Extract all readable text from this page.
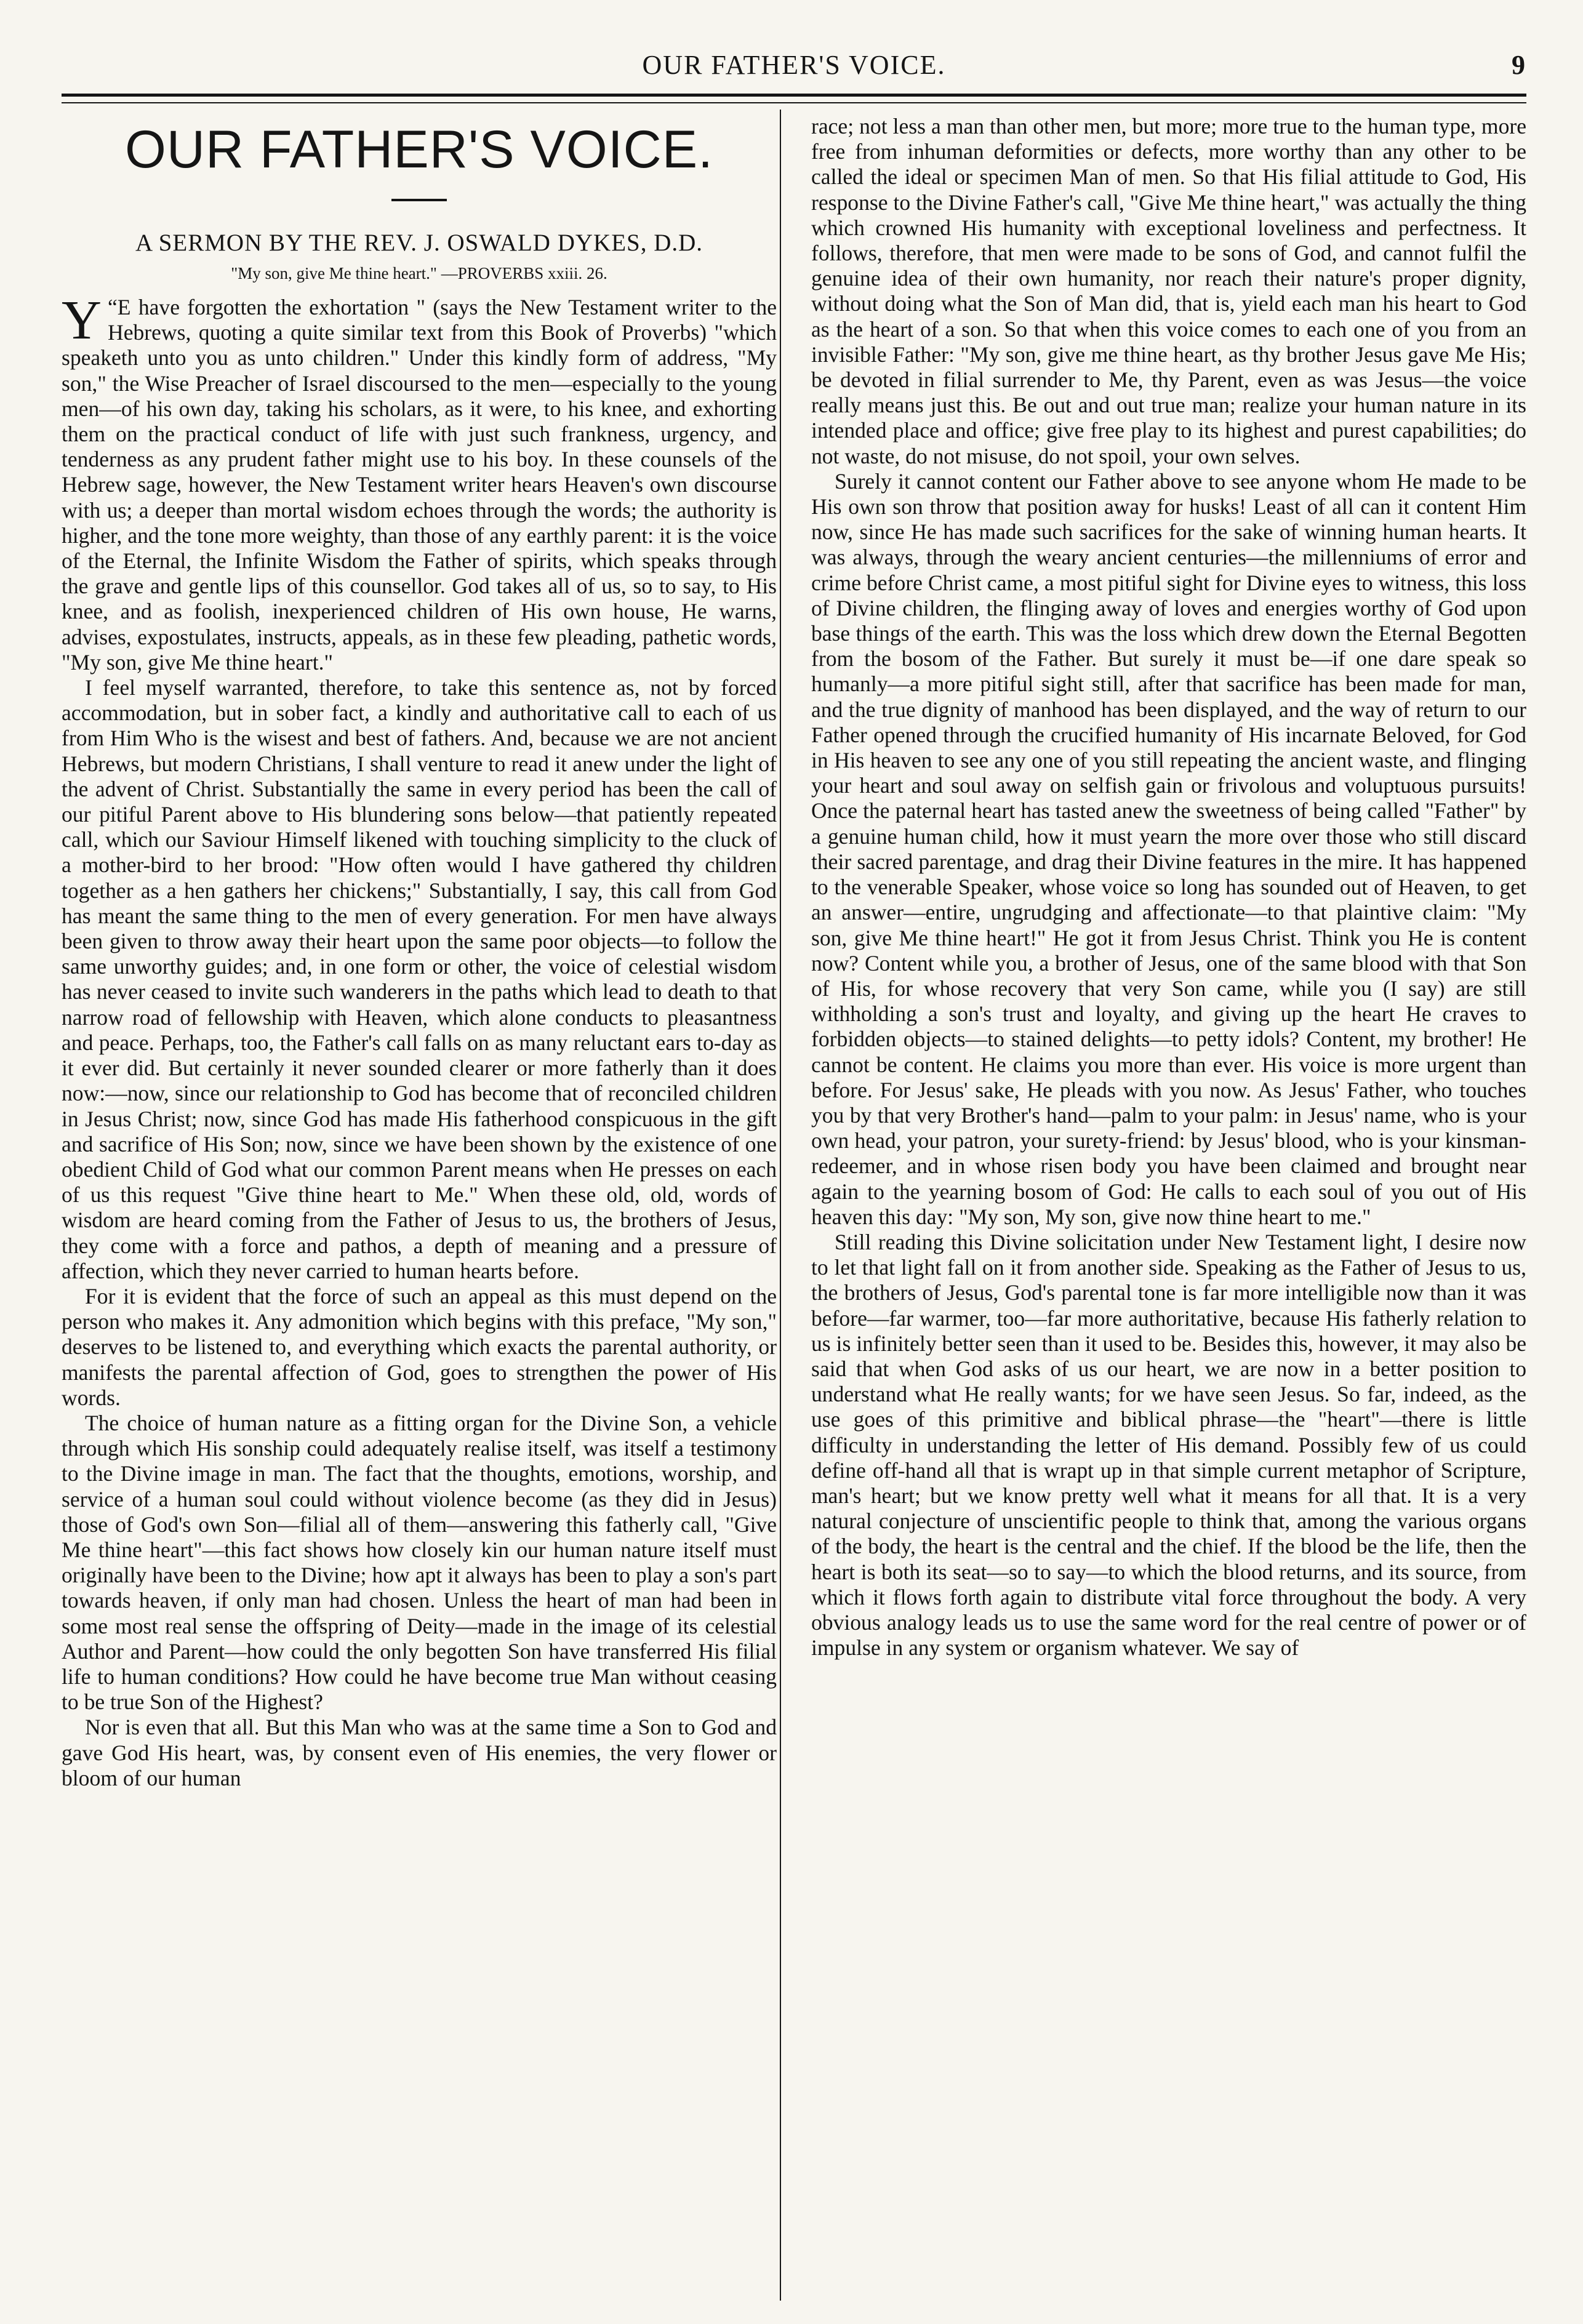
OUR FATHER'S VOICE.	9
OUR FATHER'S VOICE.
A SERMON BY THE REV. J. OSWALD DYKES, D.D.
"My son, give Me thine heart." —PROVERBS xxiii. 26.

“
Y E have forgotten the exhortation " (says the New Testament writer to the Hebrews, quoting a quite similar text from this Book of Proverbs) "which speaketh unto you as unto children." Under this kindly form of address, "My son," the Wise Preacher of Israel discoursed to the men—especially to the young men—of his own day, taking his scholars, as it were, to his knee, and exhorting them on the practical conduct of life with just such frankness, urgency, and tenderness as any prudent father might use to his boy. In these counsels of the Hebrew sage, however, the New Testament writer hears Heaven's own discourse with us; a deeper than mortal wisdom echoes through the words; the authority is higher, and the tone more weighty, than those of any earthly parent: it is the voice of the Eternal, the Infinite Wisdom the Father of spirits, which speaks through the grave and gentle lips of this counsellor. God takes all of us, so to say, to His knee, and as foolish, inexperienced children of His own house, He warns, advises, expostulates, instructs, appeals, as in these few pleading, pathetic words, "My son, give Me thine heart."

I feel myself warranted, therefore, to take this sentence as, not by forced accommodation, but in sober fact, a kindly and authoritative call to each of us from Him Who is the wisest and best of fathers. And, because we are not ancient Hebrews, but modern Christians, I shall venture to read it anew under the light of the advent of Christ. Substantially the same in every period has been the call of our pitiful Parent above to His blundering sons below—that patiently repeated call, which our Saviour Himself likened with touching simplicity to the cluck of a mother-bird to her brood: "How often would I have gathered thy children together as a hen gathers her chickens;" Substantially, I say, this call from God has meant the same thing to the men of every generation. For men have always been given to throw away their heart upon the same poor objects—to follow the same unworthy guides; and, in one form or other, the voice of celestial wisdom has never ceased to invite such wanderers in the paths which lead to death to that narrow road of fellowship with Heaven, which alone conducts to pleasantness and peace. Perhaps, too, the Father's call falls on as many reluctant ears to-day as it ever did. But certainly it never sounded clearer or more fatherly than it does now:—now, since our relationship to God has become that of reconciled children in Jesus Christ; now, since God has made His fatherhood conspicuous in the gift and sacrifice of His Son; now, since we have been shown by the existence of one obedient Child of God what our common Parent means when He presses on each of us this request "Give thine heart to Me." When these old, old, words of wisdom are heard coming from the Father of Jesus to us, the brothers of Jesus, they come with a force and pathos, a depth of meaning and a pressure of affection, which they never carried to human hearts before.

For it is evident that the force of such an appeal as this must depend on the person who makes it. Any admonition which begins with this preface, "My son," deserves to be listened to, and everything which exacts the parental authority, or manifests the parental affection of God, goes to strengthen the power of His words.

The choice of human nature as a fitting organ for the Divine Son, a vehicle through which His sonship could adequately realise itself, was itself a testimony to the Divine image in man. The fact that the thoughts, emotions, worship, and service of a human soul could without violence become (as they did in Jesus) those of God's own Son—filial all of them—answering this fatherly call, "Give Me thine heart"—this fact shows how closely kin our human nature itself must originally have been to the Divine; how apt it always has been to play a son's part towards heaven, if only man had chosen. Unless the heart of man had been in some most real sense the offspring of Deity—made in the image of its celestial Author and Parent—how could the only begotten Son have transferred His filial life to human conditions? How could he have become true Man without ceasing to be true Son of the Highest?

Nor is even that all. But this Man who was at the same time a Son to God and gave God His heart, was, by consent even of His enemies, the very flower or bloom of our human

race; not less a man than other men, but more; more true to the human type, more free from inhuman deformities or defects, more worthy than any other to be called the ideal or specimen Man of men. So that His filial attitude to God, His response to the Divine Father's call, "Give Me thine heart," was actually the thing which crowned His humanity with exceptional loveliness and perfectness. It follows, therefore, that men were made to be sons of God, and cannot fulfil the genuine idea of their own humanity, nor reach their nature's proper dignity, without doing what the Son of Man did, that is, yield each man his heart to God as the heart of a son. So that when this voice comes to each one of you from an invisible Father: "My son, give me thine heart, as thy brother Jesus gave Me His; be devoted in filial surrender to Me, thy Parent, even as was Jesus—the voice really means just this. Be out and out true man; realize your human nature in its intended place and office; give free play to its highest and purest capabilities; do not waste, do not misuse, do not spoil, your own selves.

Surely it cannot content our Father above to see anyone whom He made to be His own son throw that position away for husks! Least of all can it content Him now, since He has made such sacrifices for the sake of winning human hearts. It was always, through the weary ancient centuries—the millenniums of error and crime before Christ came, a most pitiful sight for Divine eyes to witness, this loss of Divine children, the flinging away of loves and energies worthy of God upon base things of the earth. This was the loss which drew down the Eternal Begotten from the bosom of the Father. But surely it must be—if one dare speak so humanly—a more pitiful sight still, after that sacrifice has been made for man, and the true dignity of manhood has been displayed, and the way of return to our Father opened through the crucified humanity of His incarnate Beloved, for God in His heaven to see any one of you still repeating the ancient waste, and flinging your heart and soul away on selfish gain or frivolous and voluptuous pursuits! Once the paternal heart has tasted anew the sweetness of being called "Father" by a genuine human child, how it must yearn the more over those who still discard their sacred parentage, and drag their Divine features in the mire. It has happened to the venerable Speaker, whose voice so long has sounded out of Heaven, to get an answer—entire, ungrudging and affectionate—to that plaintive claim: "My son, give Me thine heart!" He got it from Jesus Christ. Think you He is content now? Content while you, a brother of Jesus, one of the same blood with that Son of His, for whose recovery that very Son came, while you (I say) are still withholding a son's trust and loyalty, and giving up the heart He craves to forbidden objects—to stained delights—to petty idols? Content, my brother! He cannot be content. He claims you more than ever. His voice is more urgent than before. For Jesus' sake, He pleads with you now. As Jesus' Father, who touches you by that very Brother's hand—palm to your palm: in Jesus' name, who is your own head, your patron, your surety-friend: by Jesus' blood, who is your kinsman-redeemer, and in whose risen body you have been claimed and brought near again to the yearning bosom of God: He calls to each soul of you out of His heaven this day: "My son, My son, give now thine heart to me."

Still reading this Divine solicitation under New Testament light, I desire now to let that light fall on it from another side. Speaking as the Father of Jesus to us, the brothers of Jesus, God's parental tone is far more intelligible now than it was before—far warmer, too—far more authoritative, because His fatherly relation to us is infinitely better seen than it used to be. Besides this, however, it may also be said that when God asks of us our heart, we are now in a better position to understand what He really wants; for we have seen Jesus. So far, indeed, as the use goes of this primitive and biblical phrase—the "heart"—there is little difficulty in understanding the letter of His demand. Possibly few of us could define off-hand all that is wrapt up in that simple current metaphor of Scripture, man's heart; but we know pretty well what it means for all that. It is a very natural conjecture of unscientific people to think that, among the various organs of the body, the heart is the central and the chief. If the blood be the life, then the heart is both its seat—so to say—to which the blood returns, and its source, from which it flows forth again to distribute vital force throughout the body. A very obvious analogy leads us to use the same word for the real centre of power or of impulse in any system or organism whatever. We say of
